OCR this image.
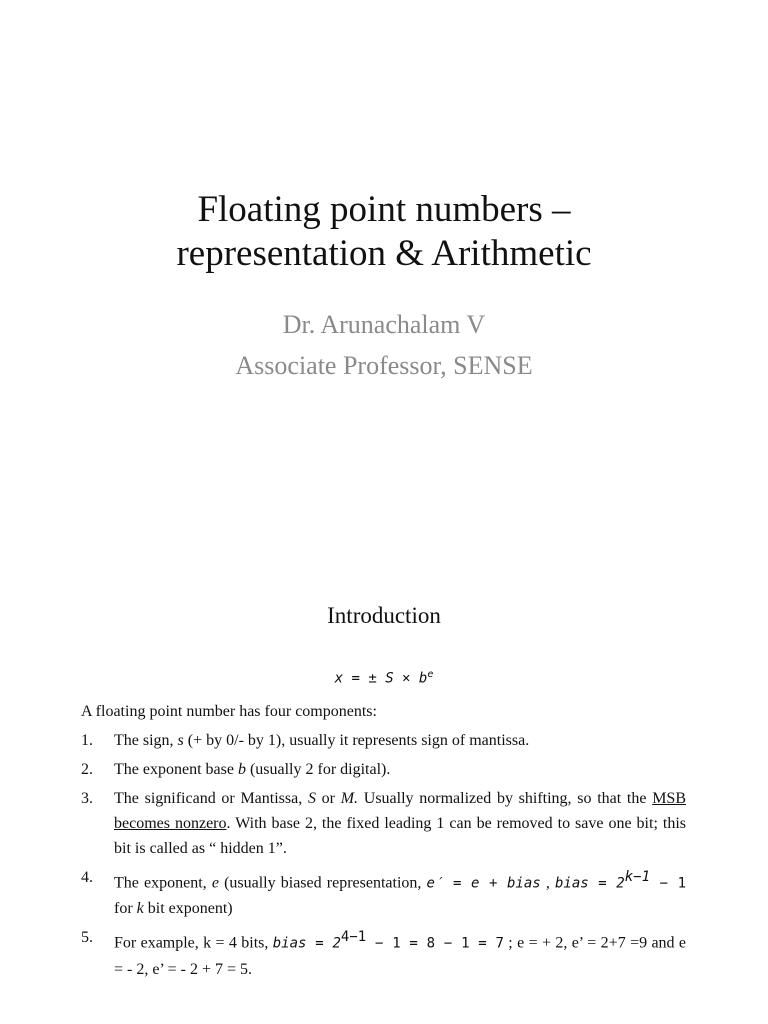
Floating point numbers –
representation & Arithmetic
Dr. Arunachalam V
Associate Professor, SENSE
Introduction
x = ± $S \times b^e$
A floating point number has four components:
1. The sign, s (+ by 0/- by 1), usually it represents sign of mantissa.
2. The exponent base b (usually 2 for digital).
3. The significand or Mantissa, S or M. Usually normalized by shifting, so that the MSB becomes nonzero. With base 2, the fixed leading 1 can be removed to save one bit; this bit is called as “ hidden 1”.
4. The exponent, e (usually biased representation, e′ = e + bias , bias = $2^{k-1} - 1$ for k bit exponent)
5. For example, k = 4 bits, bias = $2^{4-1} - 1 = 8 - 1 = 7$ ; e = + 2, e’ = 2+7 =9 and e = - 2, e’ = - 2 + 7 = 5.
